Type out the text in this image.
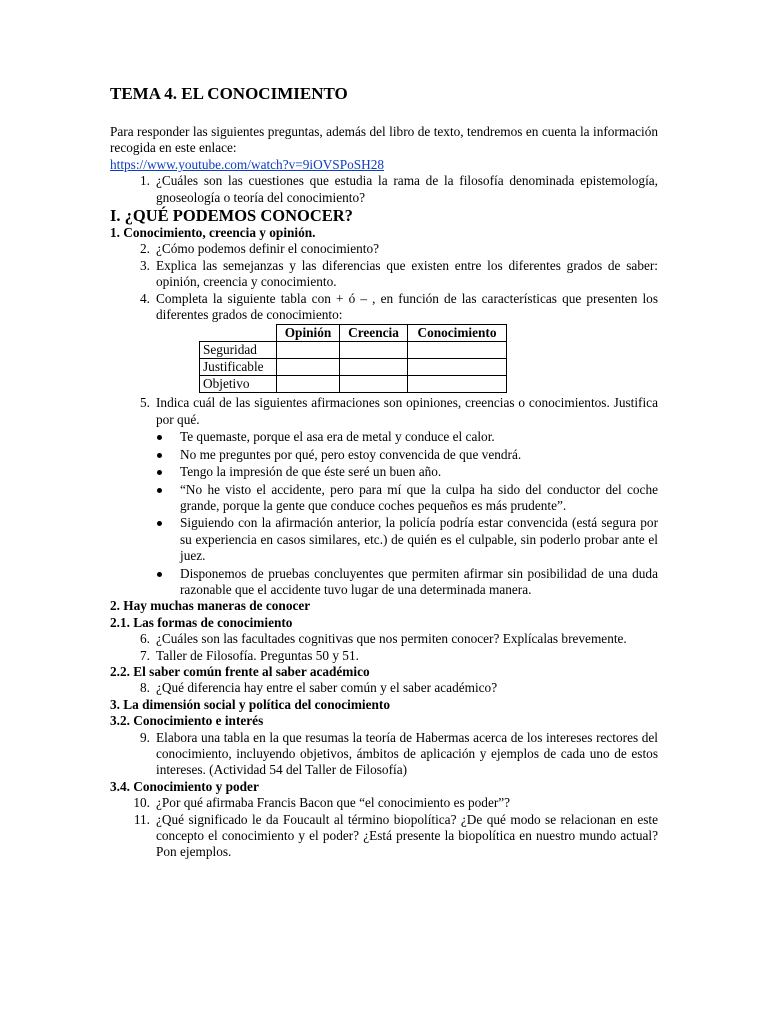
TEMA 4. EL CONOCIMIENTO
Para responder las siguientes preguntas, además del libro de texto, tendremos en cuenta la información recogida en este enlace:
https://www.youtube.com/watch?v=9iOVSPoSH28
1. ¿Cuáles son las cuestiones que estudia la rama de la filosofía denominada epistemología, gnoseología o teoría del conocimiento?
I. ¿QUÉ PODEMOS CONOCER?
1. Conocimiento, creencia y opinión.
2. ¿Cómo podemos definir el conocimiento?
3. Explica las semejanzas y las diferencias que existen entre los diferentes grados de saber: opinión, creencia y conocimiento.
4. Completa la siguiente tabla con + ó – , en función de las características que presenten los diferentes grados de conocimiento:
	Opinión	Creencia	Conocimiento
Seguridad			
Justificable			
Objetivo			
5. Indica cuál de las siguientes afirmaciones son opiniones, creencias o conocimientos. Justifica por qué.
Te quemaste, porque el asa era de metal y conduce el calor.
No me preguntes por qué, pero estoy convencida de que vendrá.
Tengo la impresión de que éste seré un buen año.
“No he visto el accidente, pero para mí que la culpa ha sido del conductor del coche grande, porque la gente que conduce coches pequeños es más prudente”.
Siguiendo con la afirmación anterior, la policía podría estar convencida (está segura por su experiencia en casos similares, etc.) de quién es el culpable, sin poderlo probar ante el juez.
Disponemos de pruebas concluyentes que permiten afirmar sin posibilidad de una duda razonable que el accidente tuvo lugar de una determinada manera.
2. Hay muchas maneras de conocer
2.1. Las formas de conocimiento
6. ¿Cuáles son las facultades cognitivas que nos permiten conocer? Explícalas brevemente.
7. Taller de Filosofía. Preguntas 50 y 51.
2.2. El saber común frente al saber académico
8. ¿Qué diferencia hay entre el saber común y el saber académico?
3. La dimensión social y política del conocimiento
3.2. Conocimiento e interés
9. Elabora una tabla en la que resumas la teoría de Habermas acerca de los intereses rectores del conocimiento, incluyendo objetivos, ámbitos de aplicación y ejemplos de cada uno de estos intereses. (Actividad 54 del Taller de Filosofía)
3.4. Conocimiento y poder
10. ¿Por qué afirmaba Francis Bacon que “el conocimiento es poder”?
11. ¿Qué significado le da Foucault al término biopolítica? ¿De qué modo se relacionan en este concepto el conocimiento y el poder? ¿Está presente la biopolítica en nuestro mundo actual? Pon ejemplos.
